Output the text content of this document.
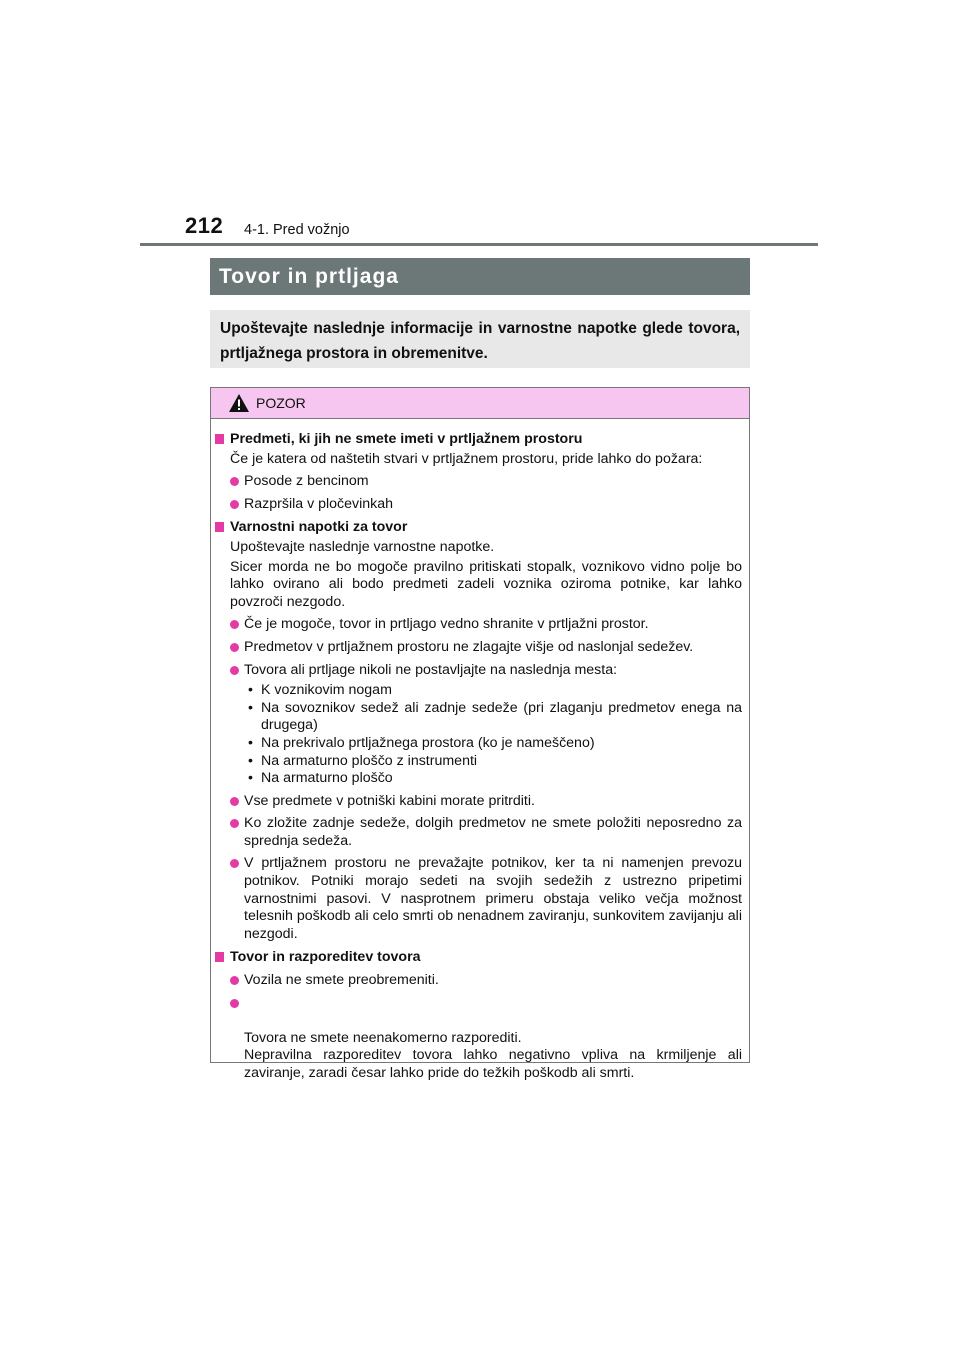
212 4-1. Pred vožnjo
Tovor in prtljaga
Upoštevajte naslednje informacije in varnostne napotke glede tovora, prtljažnega prostora in obremenitve.
POZOR
Predmeti, ki jih ne smete imeti v prtljažnem prostoru
Če je katera od naštetih stvari v prtljažnem prostoru, pride lahko do požara:
Posode z bencinom
Razpršila v pločevinkah
Varnostni napotki za tovor
Upoštevajte naslednje varnostne napotke.
Sicer morda ne bo mogoče pravilno pritiskati stopalk, voznikovo vidno polje bo lahko ovirano ali bodo predmeti zadeli voznika oziroma potnike, kar lahko povzroči nezgodo.
Če je mogoče, tovor in prtljago vedno shranite v prtljažni prostor.
Predmetov v prtljažnem prostoru ne zlagajte višje od naslonjal sedežev.
Tovora ali prtljage nikoli ne postavljajte na naslednja mesta:
• K voznikovim nogam
• Na sovoznikov sedež ali zadnje sedeže (pri zlaganju predmetov enega na drugega)
• Na prekrivalo prtljažnega prostora (ko je nameščeno)
• Na armaturno ploščo z instrumenti
• Na armaturno ploščo
Vse predmete v potniški kabini morate pritrditi.
Ko zložite zadnje sedeže, dolgih predmetov ne smete položiti neposredno za sprednja sedeža.
V prtljažnem prostoru ne prevažajte potnikov, ker ta ni namenjen prevozu potnikov. Potniki morajo sedeti na svojih sedežih z ustrezno pripetimi varnostnimi pasovi. V nasprotnem primeru obstaja veliko večja možnost telesnih poškodb ali celo smrti ob nenadnem zaviranju, sunkovitem zavijanju ali nezgodi.
Tovor in razporeditev tovora
Vozila ne smete preobremeniti.

Tovora ne smete neenakomerno razporediti.
Nepravilna razporeditev tovora lahko negativno vpliva na krmiljenje ali zaviranje, zaradi česar lahko pride do težkih poškodb ali smrti.
